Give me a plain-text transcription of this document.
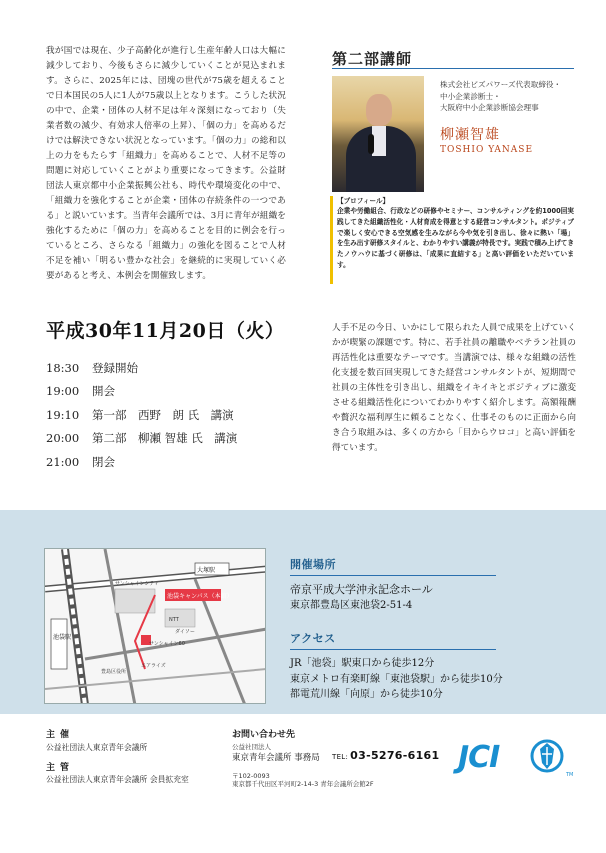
我が国では現在、少子高齢化が進行し生産年齢人口は大幅に減少しており、今後もさらに減少していくことが見込まれます。さらに、2025年には、団塊の世代が75歳を超えることで日本国民の5人に1人が75歳以上となります。こうした状況の中で、企業・団体の人材不足は年々深刻になっており（失業者数の減少、有効求人倍率の上昇）、「個の力」を高めるだけでは解決できない状況となっています。「個の力」の総和以上の力をもたらす「組織力」を高めることで、人材不足等の問題に対応していくことがより重要になってきます。公益財団法人東京都中小企業振興公社も、時代や環境変化の中で、「組織力を強化することが企業・団体の存続条件の一つである」と説いています。当青年会議所では、3月に青年が組織を強化するために「個の力」を高めることを目的に例会を行っているところ、さらなる「組織力」の強化を図ることで人材不足を補い「明るい豊かな社会」を継続的に実現していく必要があると考え、本例会を開催致します。

平成30年11月20日（火）
18:30	登録開始
19:00	開会
19:10	第一部　西野　朗 氏　講演
20:00	第二部　柳瀬 智雄 氏　講演
21:00	閉会
第二部講師
株式会社ビズパワーズ代表取締役・
中小企業診断士・
大阪府中小企業診断協会理事
柳瀬智雄
TOSHIO YANASE
【プロフィール】
企業や労働組合、行政などの研修やセミナー、コンサルティングを約1000回実践してきた組織活性化・人材育成を得意とする経営コンサルタント。ポジティブで楽しく安心できる空気感を生みながら今や気を引き出し、徐々に熱い「場」を生み出す研修スタイルと、わかりやすい講義が特長です。実践で積み上げてきたノウハウに基づく研修は、「成果に直結する」と高い評価をいただいています。
人手不足の今日、いかにして限られた人員で成果を上げていくかが喫緊の課題です。特に、若手社員の離職やベテラン社員の再活性化は重要なテーマです。当講演では、様々な組織の活性化支援を数百回実現してきた経営コンサルタントが、短期間で社員の主体性を引き出し、組織をイキイキとポジティブに激変させる組織活性化についてわかりやすく紹介します。高額報酬や贅沢な福利厚生に頼ることなく、仕事そのものに正面から向き合う取組みは、多くの方から「目からウロコ」と高い評価を得ています。
池袋キャンパス（本館）
大塚駅
豊島区役所
NTT
サンシャイン60
エアライズ
ダイソー
サンシャインシティ
池袋駅
開催場所
帝京平成大学沖永記念ホール
東京都豊島区東池袋2-51-4
アクセス
JR「池袋」駅東口から徒歩12分
東京メトロ有楽町線「東池袋駅」から徒歩10分
都電荒川線「向原」から徒歩10分
主催
公益社団法人東京青年会議所
主管
公益社団法人東京青年会議所 会員拡充室
お問い合わせ先
公益社団法人
東京青年会議所 事務局 TEL: 03-5276-6161
〒102-0093
東京都千代田区平河町2-14-3 青年会議所会館2F
JCI	TM
